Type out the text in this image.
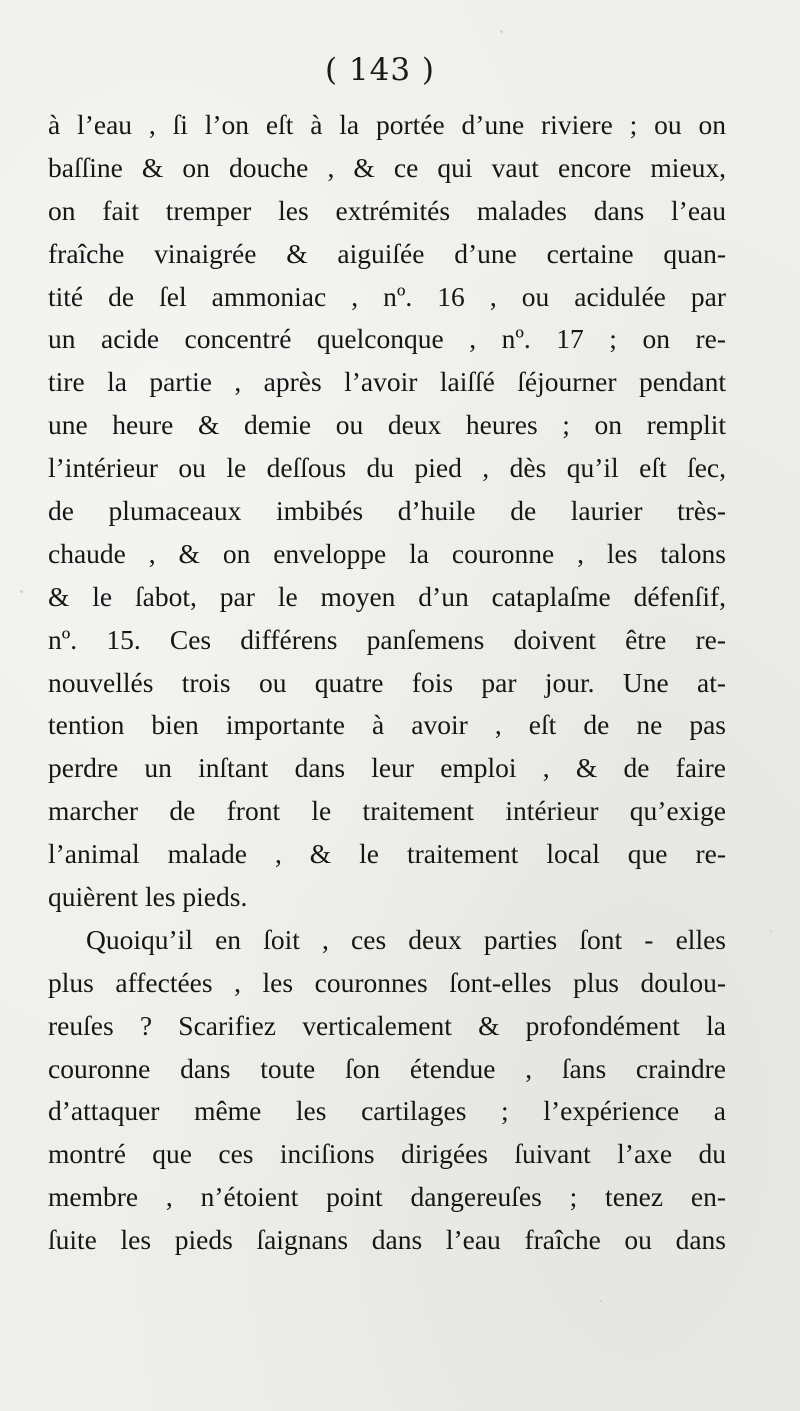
( 143 )
à l’eau , ſi l’on eſt à la portée d’une riviere ; ou on
baſſine & on douche , & ce qui vaut encore mieux,
on fait tremper les extrémités malades dans l’eau
fraîche vinaigrée & aiguiſée d’une certaine quan-
tité de ſel ammoniac , nº. 16 , ou acidulée par
un acide concentré quelconque , nº. 17 ; on re-
tire la partie , après l’avoir laiſſé ſéjourner pendant
une heure & demie ou deux heures ; on remplit
l’intérieur ou le deſſous du pied , dès qu’il eſt ſec,
de plumaceaux imbibés d’huile de laurier très-
chaude , & on enveloppe la couronne , les talons
& le ſabot, par le moyen d’un cataplaſme défenſif,
nº. 15. Ces différens panſemens doivent être re-
nouvellés trois ou quatre fois par jour. Une at-
tention bien importante à avoir , eſt de ne pas
perdre un inſtant dans leur emploi , & de faire
marcher de front le traitement intérieur qu’exige
l’animal malade , & le traitement local que re-
quièrent les pieds.
Quoiqu’il en ſoit , ces deux parties ſont - elles
plus affectées , les couronnes ſont-elles plus doulou-
reuſes ? Scarifiez verticalement & profondément la
couronne dans toute ſon étendue , ſans craindre
d’attaquer même les cartilages ; l’expérience a
montré que ces inciſions dirigées ſuivant l’axe du
membre , n’étoient point dangereuſes ; tenez en-
ſuite les pieds ſaignans dans l’eau fraîche ou dans
